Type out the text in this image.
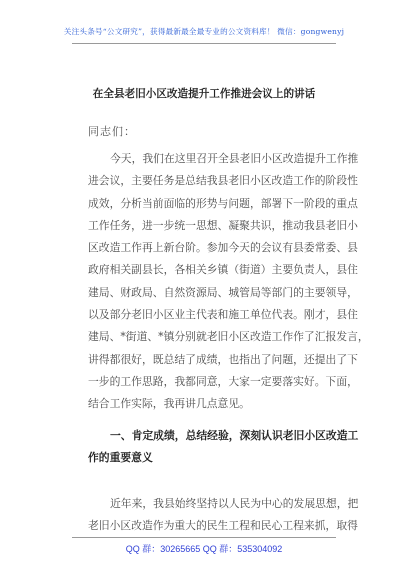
关注头条号“公文研究”，获得最新最全最专业的公文资料库！ 微信：gongwenyj
在全县老旧小区改造提升工作推进会议上的讲话
同志们：
今天，我们在这里召开全县老旧小区改造提升工作推
进会议，主要任务是总结我县老旧小区改造工作的阶段性
成效，分析当前面临的形势与问题，部署下一阶段的重点
工作任务，进一步统一思想、凝聚共识，推动我县老旧小
区改造工作再上新台阶。参加今天的会议有县委常委、县
政府相关副县长，各相关乡镇（街道）主要负责人，县住
建局、财政局、自然资源局、城管局等部门的主要领导，
以及部分老旧小区业主代表和施工单位代表。刚才，县住
建局、*街道、*镇分别就老旧小区改造工作作了汇报发言，
讲得都很好，既总结了成绩，也指出了问题，还提出了下
一步的工作思路，我都同意，大家一定要落实好。下面，
结合工作实际，我再讲几点意见。
一、肯定成绩，总结经验，深刻认识老旧小区改造工
作的重要意义
近年来，我县始终坚持以人民为中心的发展思想，把
老旧小区改造作为重大的民生工程和民心工程来抓，取得
QQ 群：30265665 QQ 群：535304092
